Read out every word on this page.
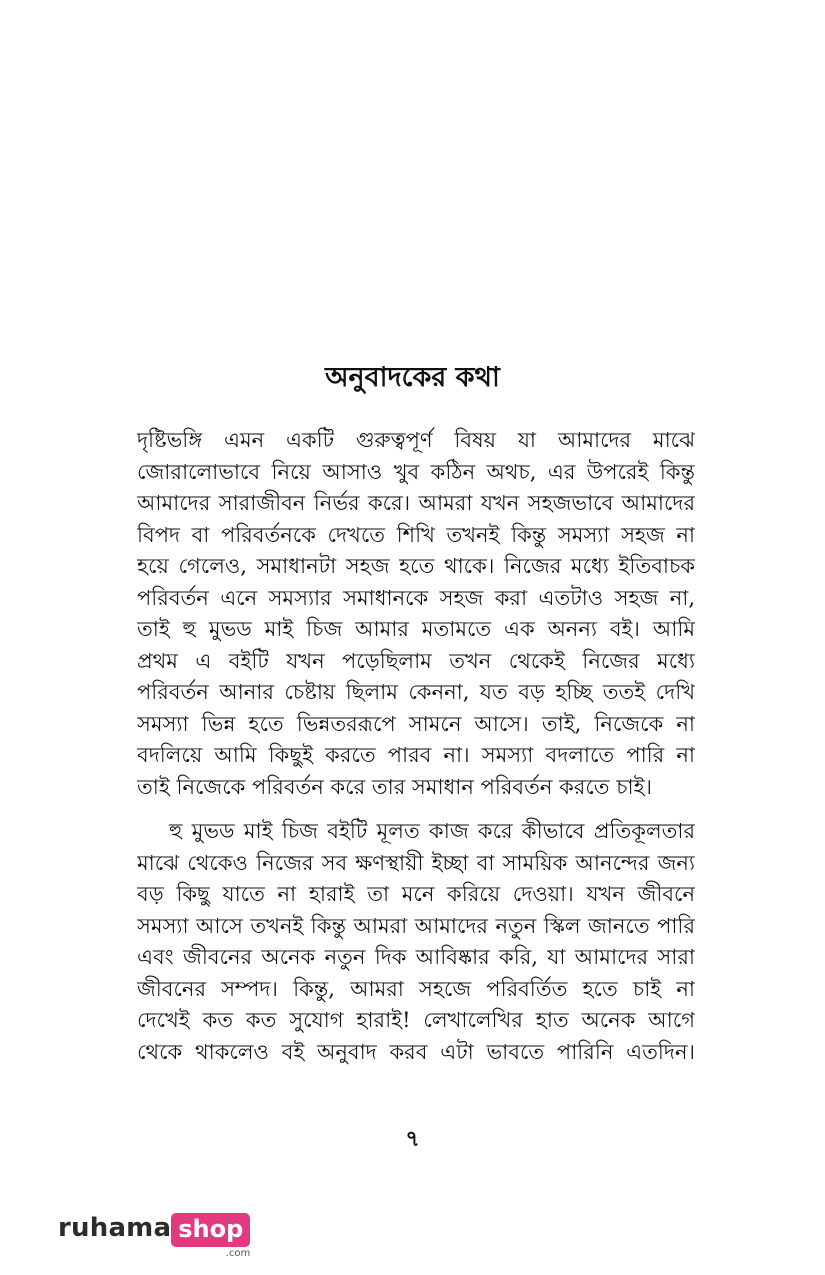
অনুবাদকের কথা
দৃষ্টিভঙ্গি এমন একটি গুরুত্বপূর্ণ বিষয় যা আমাদের মাঝে
জোরালোভাবে নিয়ে আসাও খুব কঠিন অথচ, এর উপরেই কিন্তু
আমাদের সারাজীবন নির্ভর করে। আমরা যখন সহজভাবে আমাদের
বিপদ বা পরিবর্তনকে দেখতে শিখি তখনই কিন্তু সমস্যা সহজ না
হয়ে গেলেও, সমাধানটা সহজ হতে থাকে। নিজের মধ্যে ইতিবাচক
পরিবর্তন এনে সমস্যার সমাধানকে সহজ করা এতটাও সহজ না,
তাই হু মুভড মাই চিজ আমার মতামতে এক অনন্য বই। আমি
প্রথম এ বইটি যখন পড়েছিলাম তখন থেকেই নিজের মধ্যে
পরিবর্তন আনার চেষ্টায় ছিলাম কেননা, যত বড় হচ্ছি ততই দেখি
সমস্যা ভিন্ন হতে ভিন্নতররূপে সামনে আসে। তাই, নিজেকে না
বদলিয়ে আমি কিছুই করতে পারব না। সমস্যা বদলাতে পারি না
তাই নিজেকে পরিবর্তন করে তার সমাধান পরিবর্তন করতে চাই।
হু মুভড মাই চিজ বইটি মূলত কাজ করে কীভাবে প্রতিকূলতার
মাঝে থেকেও নিজের সব ক্ষণস্থায়ী ইচ্ছা বা সাময়িক আনন্দের জন্য
বড় কিছু যাতে না হারাই তা মনে করিয়ে দেওয়া। যখন জীবনে
সমস্যা আসে তখনই কিন্তু আমরা আমাদের নতুন স্কিল জানতে পারি
এবং জীবনের অনেক নতুন দিক আবিষ্কার করি, যা আমাদের সারা
জীবনের সম্পদ। কিন্তু, আমরা সহজে পরিবর্তিত হতে চাই না
দেখেই কত কত সুযোগ হারাই! লেখালেখির হাত অনেক আগে
থেকে থাকলেও বই অনুবাদ করব এটা ভাবতে পারিনি এতদিন।
৭
ruhama shop
.com
